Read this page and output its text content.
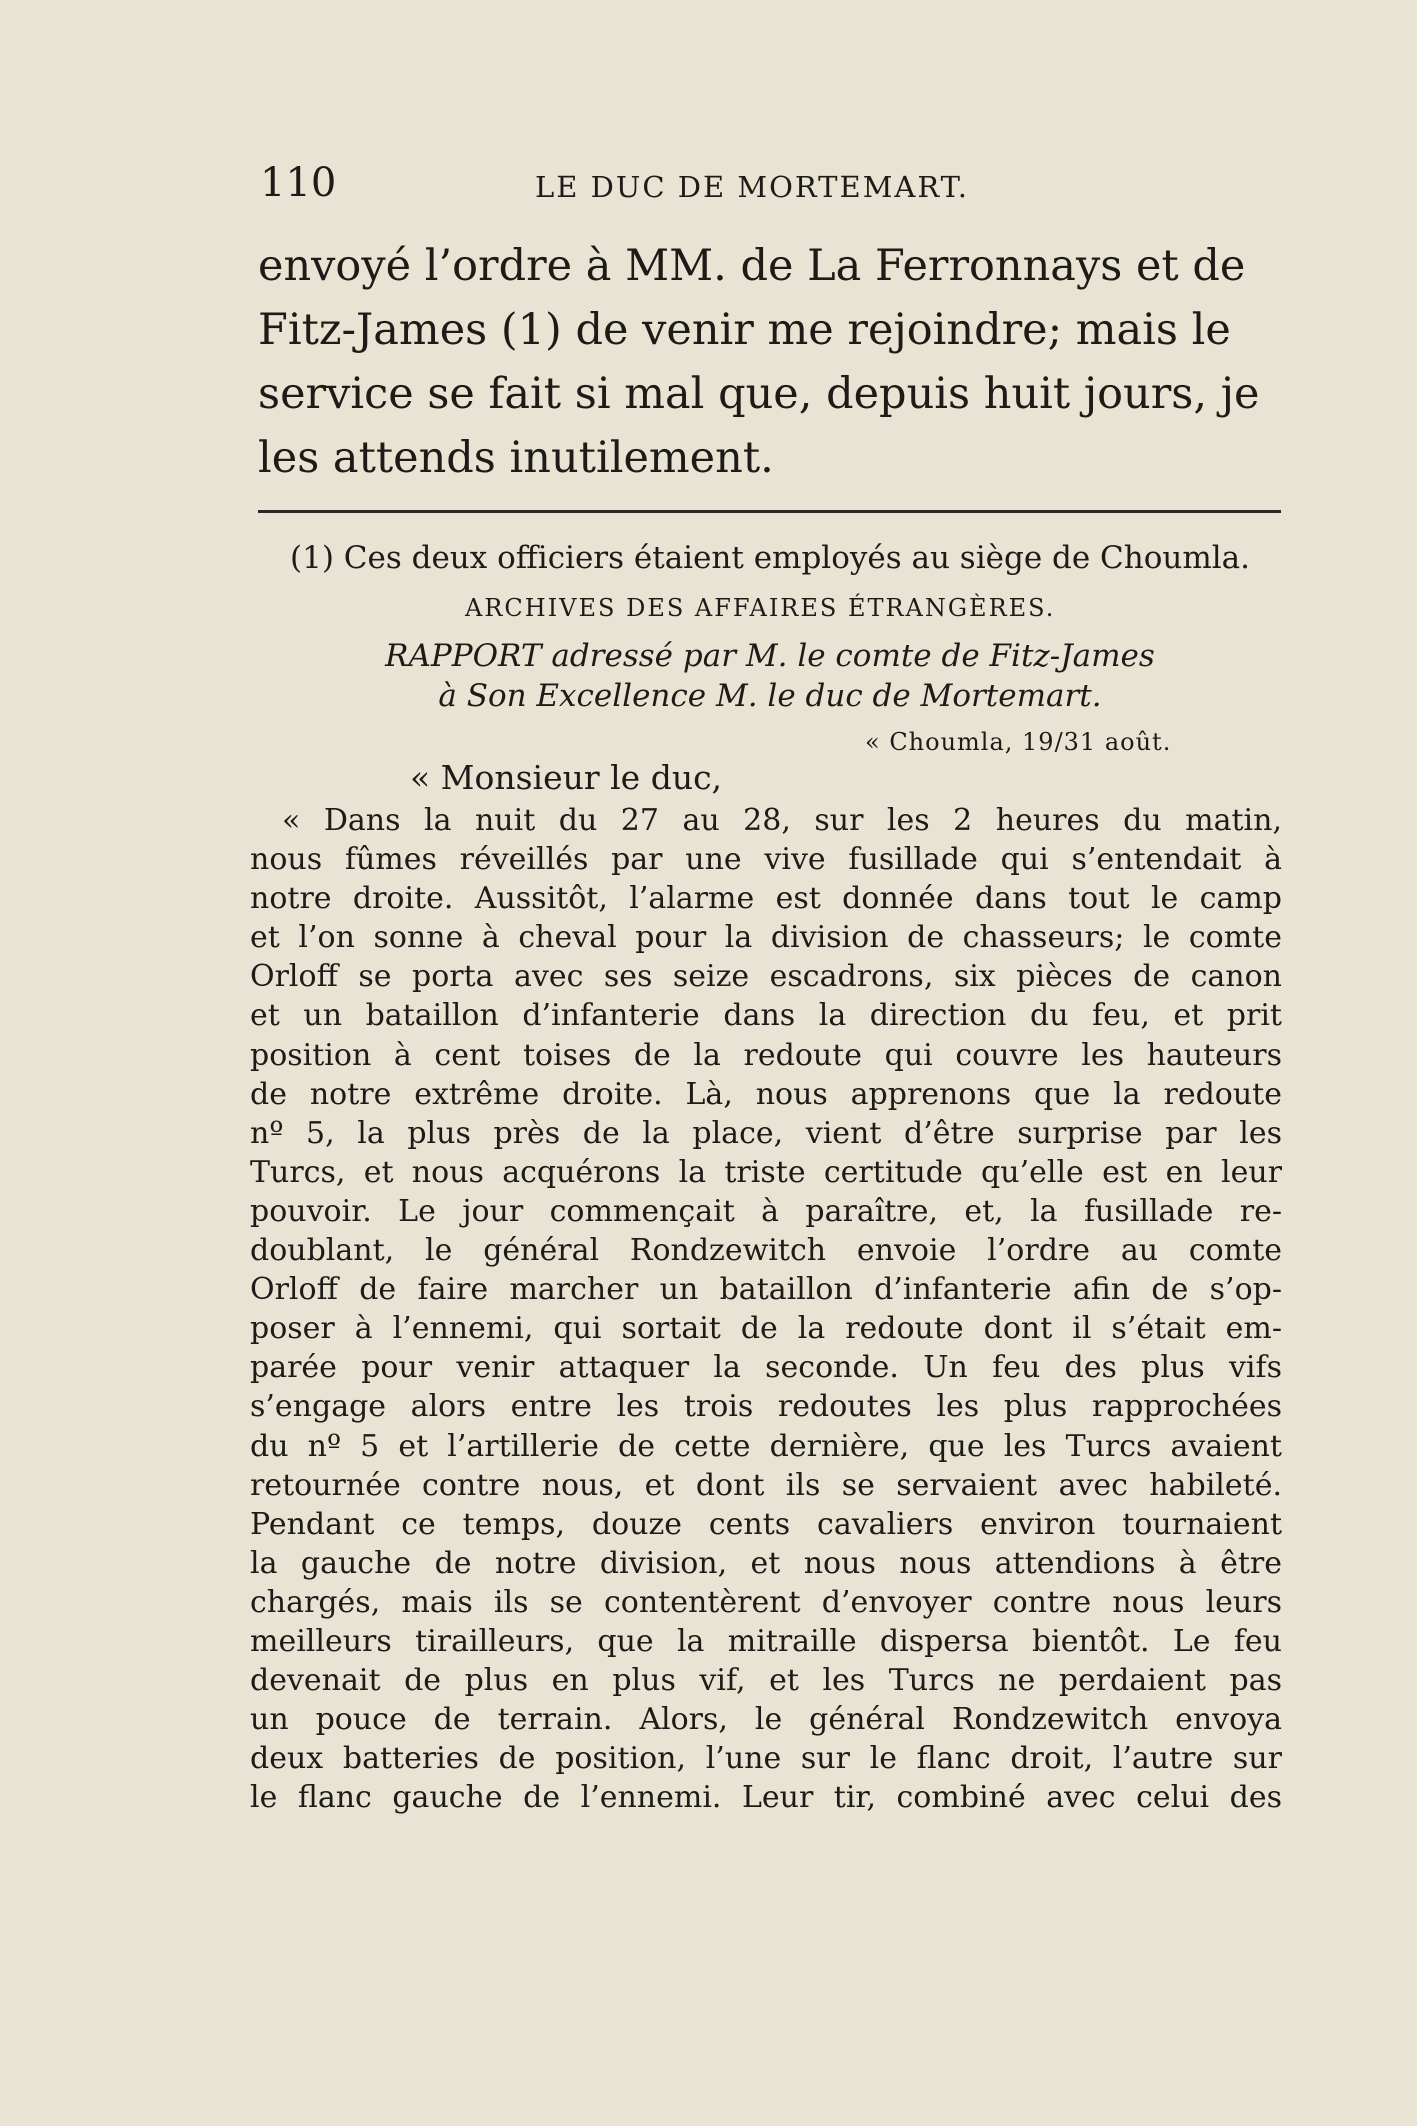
110	LE DUC DE MORTEMART.

envoyé l’ordre à MM. de La Ferronnays et de

Fitz-James (1) de venir me rejoindre; mais le

service se fait si mal que, depuis huit jours, je

les attends inutilement.

(1) Ces deux officiers étaient employés au siège de Choumla.
ARCHIVES DES AFFAIRES ÉTRANGÈRES.
RAPPORT adressé par M. le comte de Fitz-James
à Son Excellence M. le duc de Mortemart.
« Choumla, 19/31 août.
« Monsieur le duc,

« Dans la nuit du 27 au 28, sur les 2 heures du matin,

nous fûmes réveillés par une vive fusillade qui s’entendait à

notre droite. Aussitôt, l’alarme est donnée dans tout le camp

et l’on sonne à cheval pour la division de chasseurs; le comte

Orloff se porta avec ses seize escadrons, six pièces de canon

et un bataillon d’infanterie dans la direction du feu, et prit

position à cent toises de la redoute qui couvre les hauteurs

de notre extrême droite. Là, nous apprenons que la redoute

nº 5, la plus près de la place, vient d’être surprise par les

Turcs, et nous acquérons la triste certitude qu’elle est en leur

pouvoir. Le jour commençait à paraître, et, la fusillade re-

doublant, le général Rondzewitch envoie l’ordre au comte

Orloff de faire marcher un bataillon d’infanterie afin de s’op-

poser à l’ennemi, qui sortait de la redoute dont il s’était em-

parée pour venir attaquer la seconde. Un feu des plus vifs

s’engage alors entre les trois redoutes les plus rapprochées

du nº 5 et l’artillerie de cette dernière, que les Turcs avaient

retournée contre nous, et dont ils se servaient avec habileté.

Pendant ce temps, douze cents cavaliers environ tournaient

la gauche de notre division, et nous nous attendions à être

chargés, mais ils se contentèrent d’envoyer contre nous leurs

meilleurs tirailleurs, que la mitraille dispersa bientôt. Le feu

devenait de plus en plus vif, et les Turcs ne perdaient pas

un pouce de terrain. Alors, le général Rondzewitch envoya

deux batteries de position, l’une sur le flanc droit, l’autre sur

le flanc gauche de l’ennemi. Leur tir, combiné avec celui des
